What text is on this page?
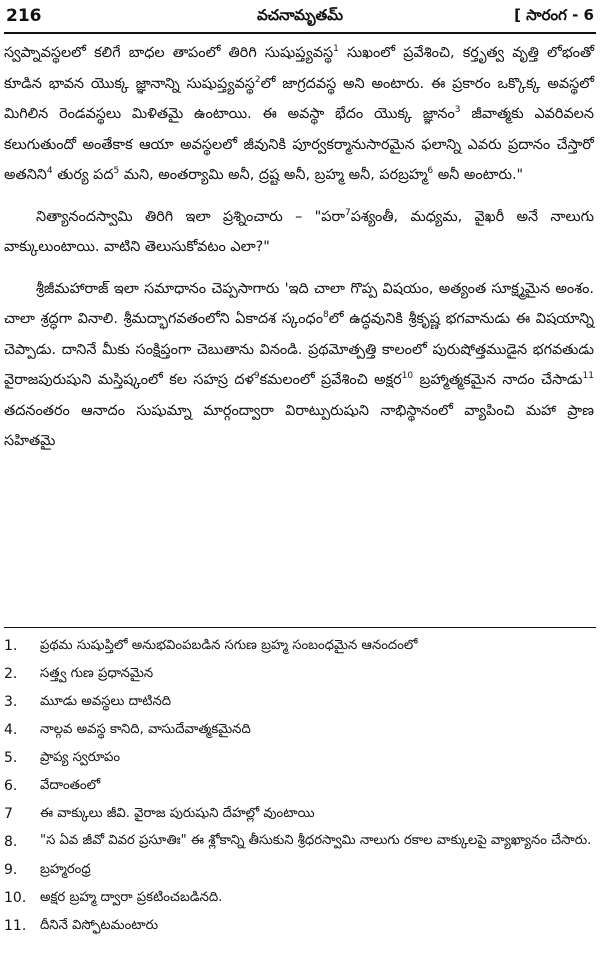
216	వచనామృతమ్	[ సారంగ - 6

స్వప్నావస్థలలో కలిగే బాధల తాపంలో తిరిగి సుషుప్త్యవస్థ$^1$ సుఖంలో ప్రవేశించి, కర్తృత్వ వృత్తి లోభంతో కూడిన భావన యొక్క జ్ఞానాన్ని సుషుప్త్యవస్థ$^2$లో జాగ్రదవస్థ అని అంటారు. ఈ ప్రకారం ఒక్కొక్క అవస్థలో మిగిలిన రెండవస్థలు మిళితమై ఉంటాయి. ఈ అవస్థా భేదం యొక్క జ్ఞానం$^3$ జీవాత్మకు ఎవరివలన కలుగుతుందో అంతేకాక ఆయా అవస్థలలో జీవునికి పూర్వకర్మానుసారమైన ఫలాన్ని ఎవరు ప్రదానం చేస్తారో అతనిని$^4$ తుర్య పద$^5$ మని, అంతర్యామి అనీ, ద్రష్ట అనీ, బ్రహ్మ అనీ, పరబ్రహ్మ$^6$ అనీ అంటారు."

నిత్యానందస్వామి తిరిగి ఇలా ప్రశ్నించారు – "పరా$^7$పశ్యంతీ, మధ్యమ, వైఖరీ అనే నాలుగు వాక్కులుంటాయి. వాటిని తెలుసుకోవటం ఎలా?"

శ్రీజీమహారాజ్ ఇలా సమాధానం చెప్పసాగారు 'ఇది చాలా గొప్ప విషయం, అత్యంత సూక్ష్మమైన అంశం. చాలా శ్రద్ధగా వినాలి. శ్రీమద్భాగవతంలోని ఏకాదశ స్కంధం$^8$లో ఉద్ధవునికి శ్రీకృష్ణ భగవానుడు ఈ విషయాన్ని చెప్పాడు. దానినే మీకు సంక్షిప్తంగా చెబుతాను వినండి. ప్రథమోత్పత్తి కాలంలో పురుషోత్తముడైన భగవతుడు వైరాజపురుషుని మస్తిష్కంలో కల సహస్ర దళ$^9$కమలంలో ప్రవేశించి అక్షర$^{10}$ బ్రహ్మాత్మకమైన నాదం చేసాడు$^{11}$ తదనంతరం ఆనాదం సుషుమ్నా మార్గంద్వారా విరాట్పురుషుని నాభిస్థానంలో వ్యాపించి మహా ప్రాణ సహితమై

1.	ప్రథమ సుషుప్తిలో అనుభవింపబడిన సగుణ బ్రహ్మ సంబంధమైన ఆనందంలో
2.	సత్త్వ గుణ ప్రధానమైన
3.	మూడు అవస్థలు దాటినది
4.	నాల్గవ అవస్థ కానిది, వాసుదేవాత్మకమైనది
5.	ప్రాప్య స్వరూపం
6.	వేదాంతంలో
7	ఈ వాక్కులు జీవి. వైరాజ పురుషుని దేహల్లో వుంటాయి
8.	"స ఏవ జీవో వివర ప్రసూతిః" ఈ శ్లోకాన్ని తీసుకుని శ్రీధరస్వామి నాలుగు రకాల వాక్కులపై వ్యాఖ్యానం చేసారు.
9.	బ్రహ్మరంధ్ర
10.	అక్షర బ్రహ్మ ద్వారా ప్రకటించబడినది.
11.	దీనినే విస్ఫోటమంటారు
